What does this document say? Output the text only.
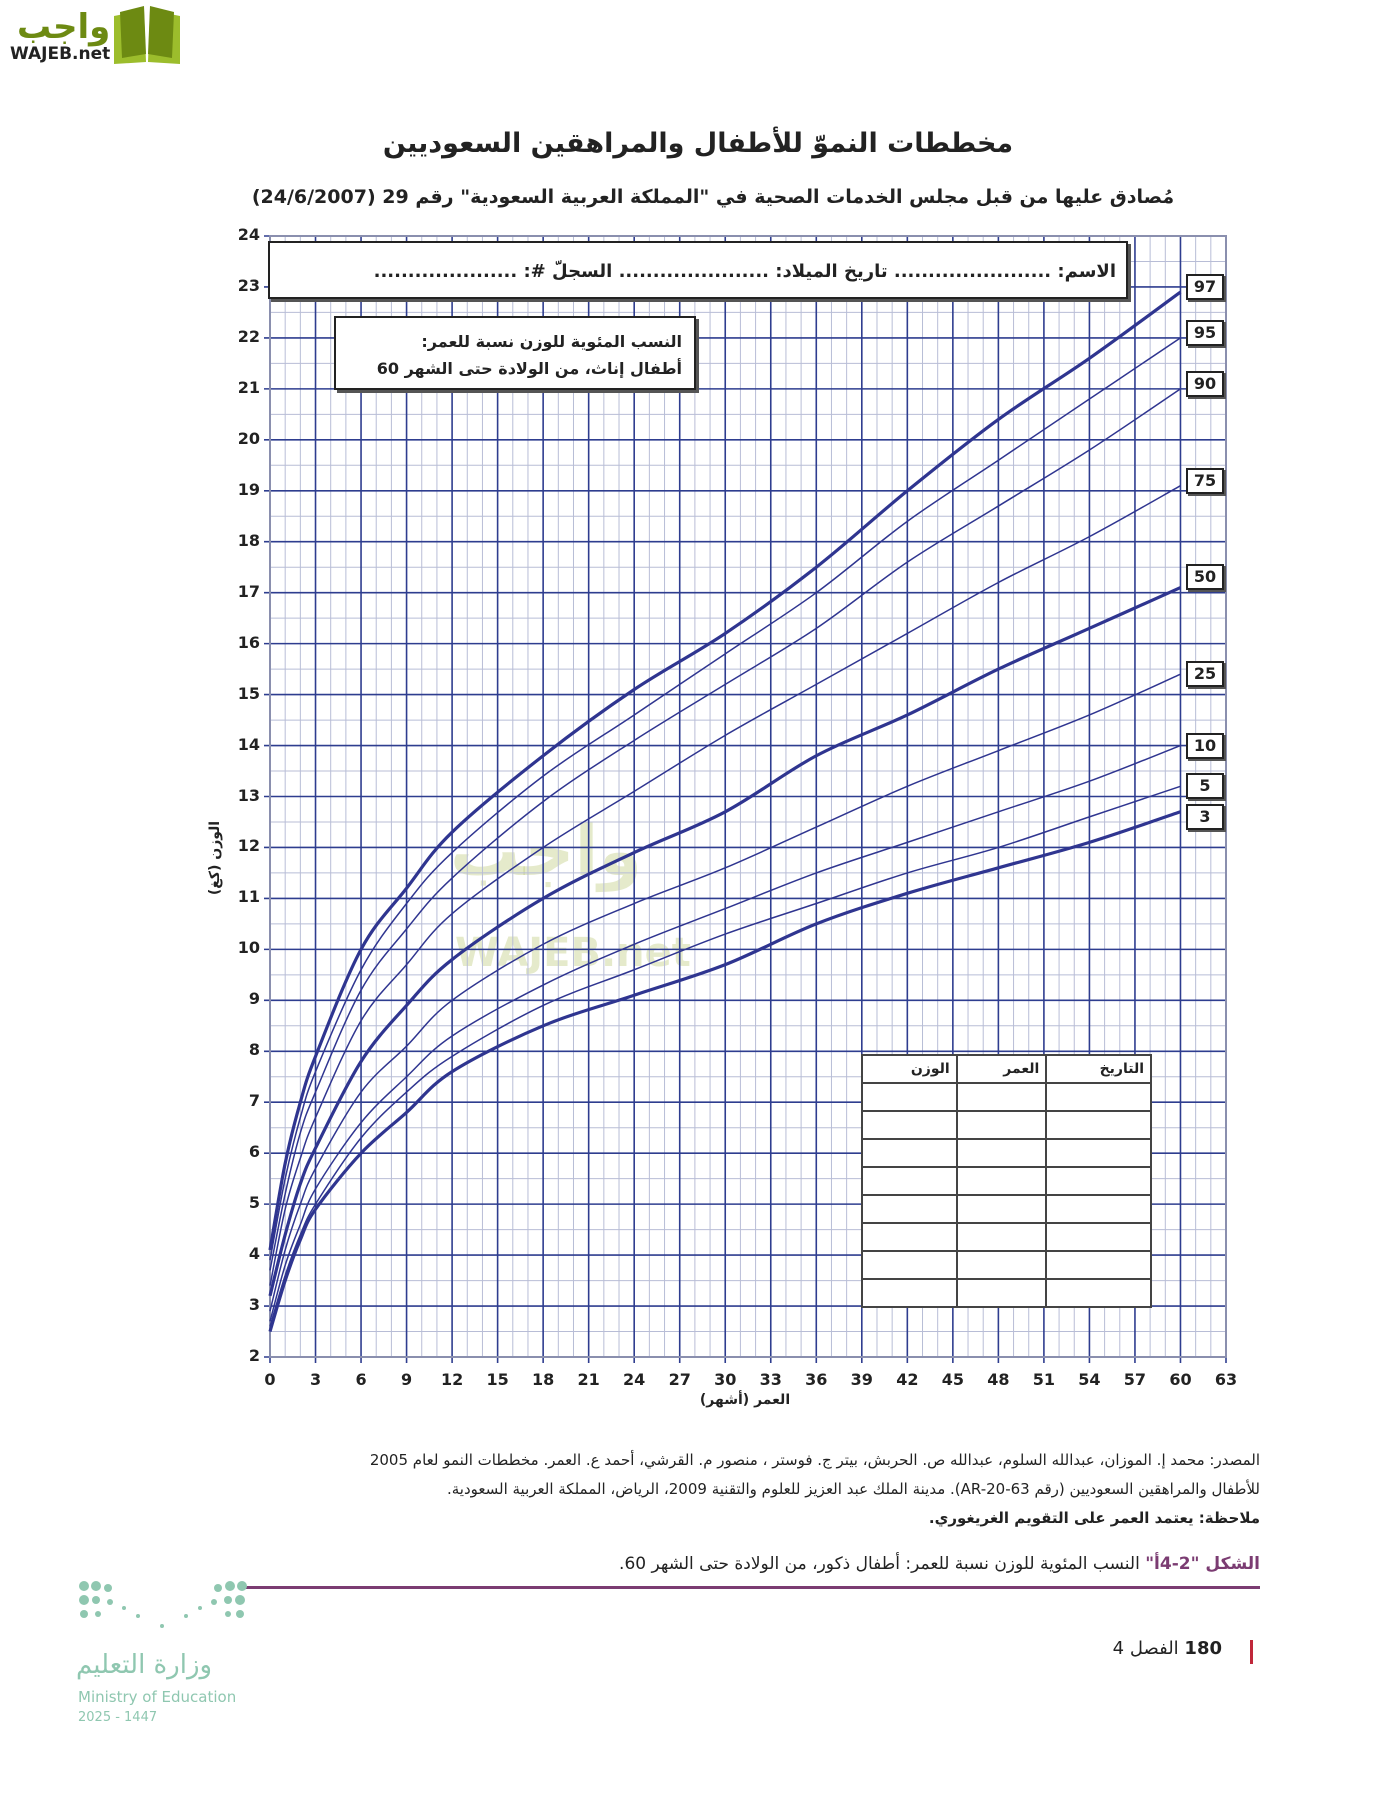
واجب
WAJEB.net
مخططات النموّ للأطفال والمراهقين السعوديين
مُصادق عليها من قبل مجلس الخدمات الصحية في "المملكة العربية السعودية" رقم 29 (24/6/2007)
واجب
WAJEB.net
الاسم: ....................... تاريخ الميلاد: ...................... السجلّ #: .....................
النسب المئوية للوزن نسبة للعمر:
أطفال إناث، من الولادة حتى الشهر 60
التاريخ	العمر	الوزن

الوزن (كغ)
العمر (أشهر)
97
95
90
75
50
25
10
5
3
2
3
4
5
6
7
8
9
10
11
12
13
14
15
16
17
18
19
20
21
22
23
24
0	3	6	9	12	15	18	21	24	27	30	33	36	39	42	45	48	51	54	57	60	63
المصدر: محمد إ. الموزان، عبدالله السلوم، عبدالله ص. الحربش، بيتر ج. فوستر ، منصور م. القرشي، أحمد ع. العمر. مخططات النمو لعام 2005
للأطفال والمراهقين السعوديين (رقم AR-20-63). مدينة الملك عبد العزيز للعلوم والتقنية 2009، الرياض، المملكة العربية السعودية.
ملاحظة: يعتمد العمر على التقويم الغريغوري.
الشكل "2-4أ" النسب المئوية للوزن نسبة للعمر: أطفال ذكور، من الولادة حتى الشهر 60.
180 الفصل 4
وزارة التعليم
Ministry of Education
2025 - 1447
